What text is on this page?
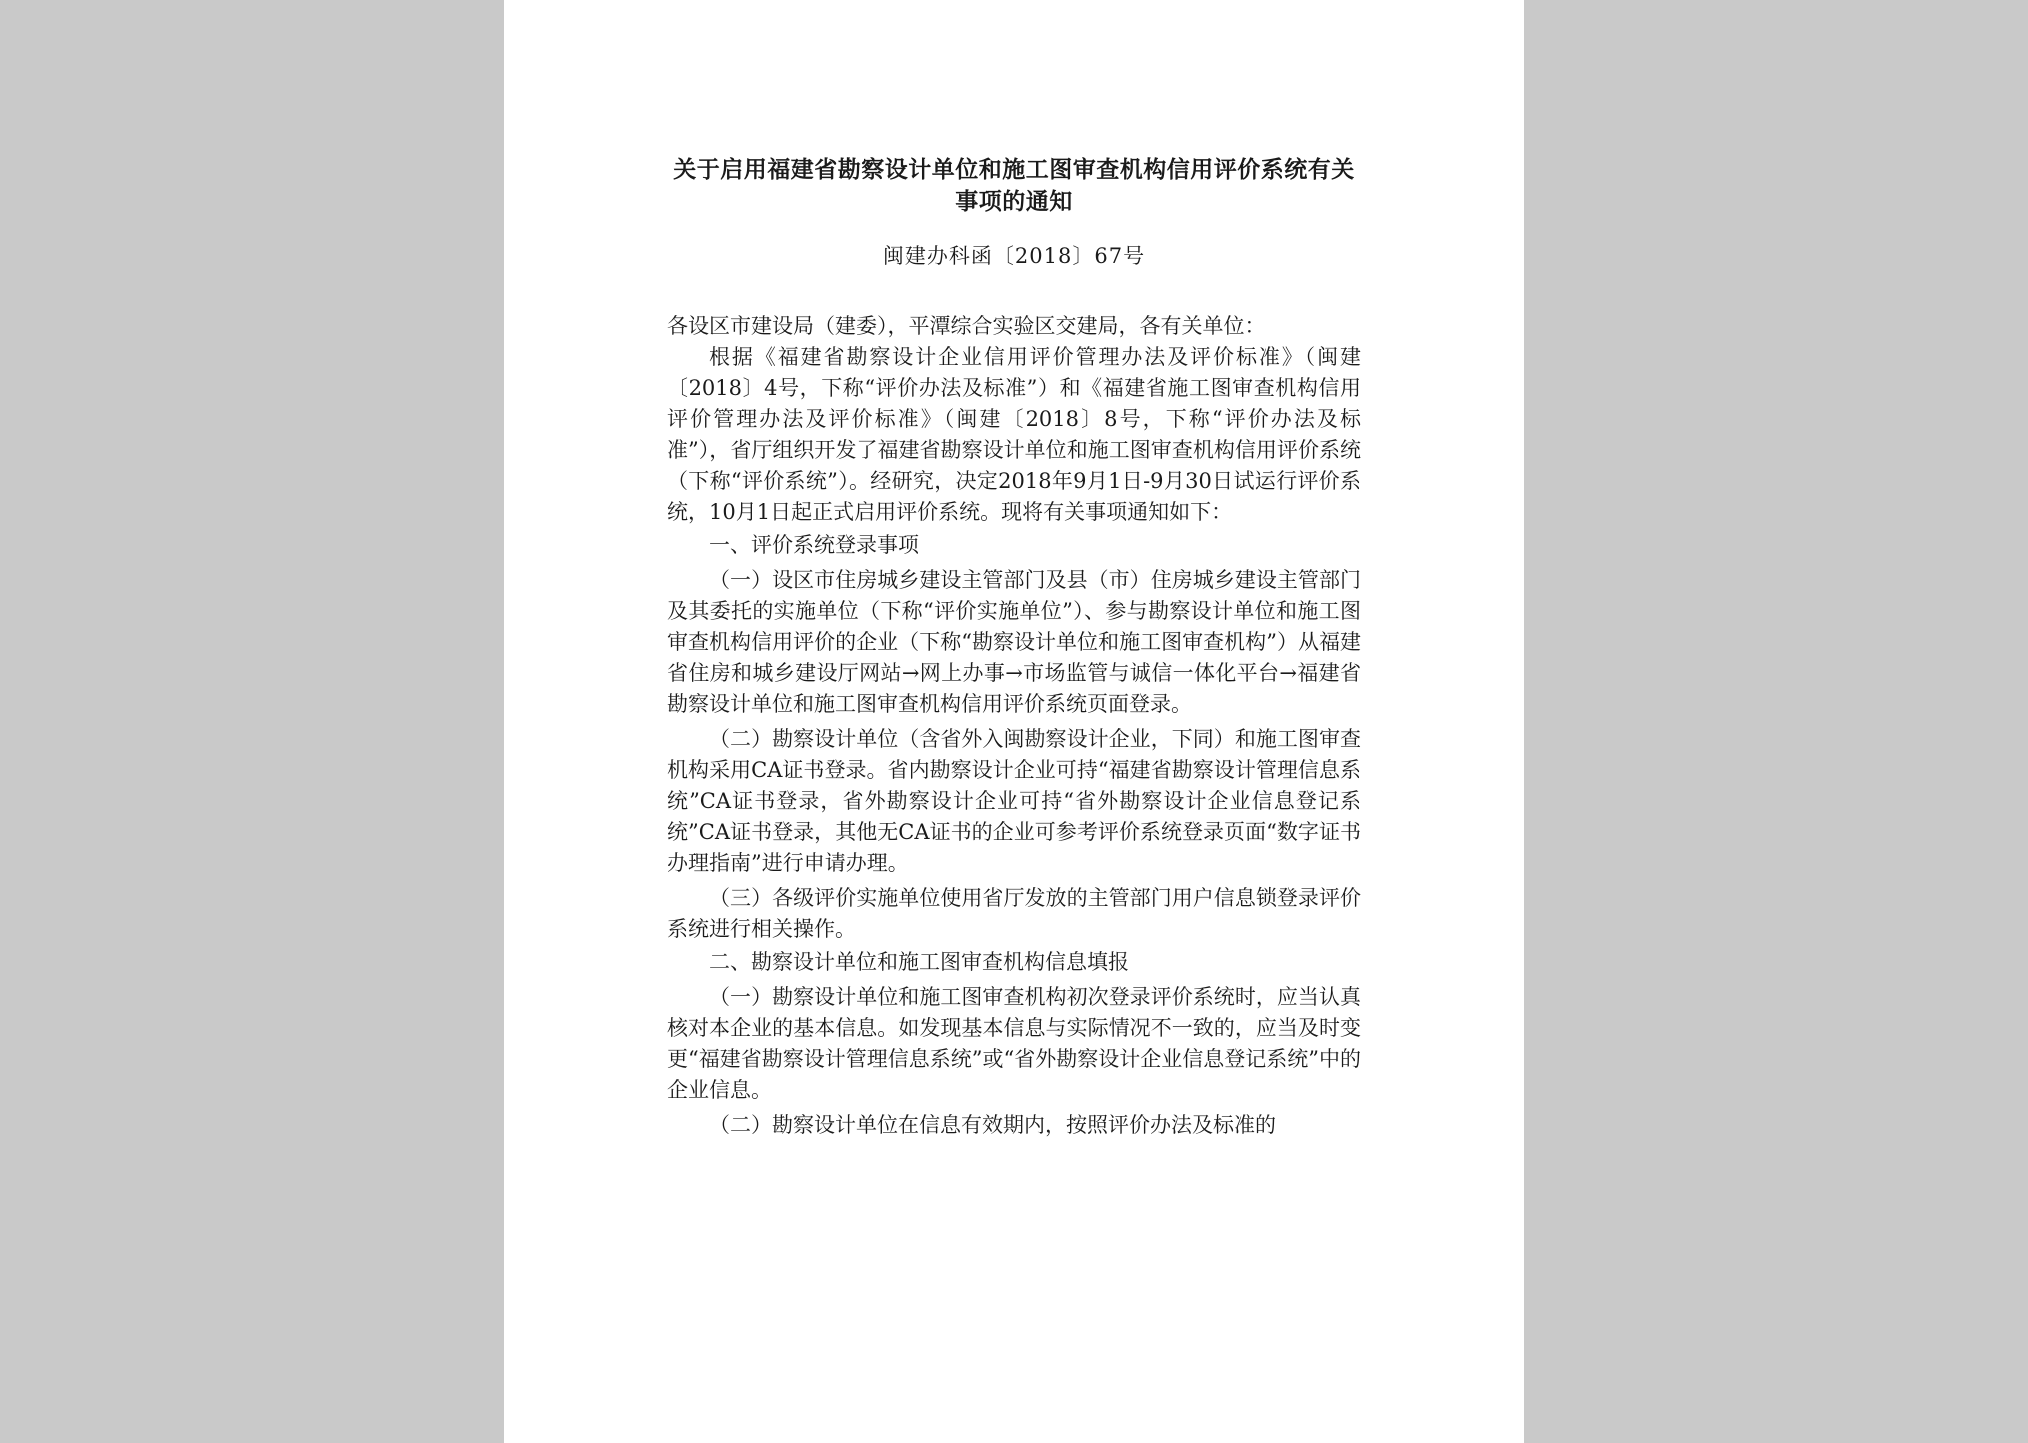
关于启用福建省勘察设计单位和施工图审查机构信用评价系统有关
事项的通知
闽建办科函〔2018〕67号

各设区市建设局（建委），平潭综合实验区交建局，各有关单位：

根据《福建省勘察设计企业信用评价管理办法及评价标准》（闽建〔2018〕4号，下称“评价办法及标准”）和《福建省施工图审查机构信用评价管理办法及评价标准》（闽建〔2018〕8号，下称“评价办法及标准”），省厅组织开发了福建省勘察设计单位和施工图审查机构信用评价系统（下称“评价系统”）。经研究，决定2018年9月1日-9月30日试运行评价系统，10月1日起正式启用评价系统。现将有关事项通知如下：

一、评价系统登录事项

（一）设区市住房城乡建设主管部门及县（市）住房城乡建设主管部门及其委托的实施单位（下称“评价实施单位”）、参与勘察设计单位和施工图审查机构信用评价的企业（下称“勘察设计单位和施工图审查机构”）从福建省住房和城乡建设厅网站→网上办事→市场监管与诚信一体化平台→福建省勘察设计单位和施工图审查机构信用评价系统页面登录。

（二）勘察设计单位（含省外入闽勘察设计企业，下同）和施工图审查机构采用CA证书登录。省内勘察设计企业可持“福建省勘察设计管理信息系统”CA证书登录，省外勘察设计企业可持“省外勘察设计企业信息登记系统”CA证书登录，其他无CA证书的企业可参考评价系统登录页面“数字证书办理指南”进行申请办理。

（三）各级评价实施单位使用省厅发放的主管部门用户信息锁登录评价系统进行相关操作。

二、勘察设计单位和施工图审查机构信息填报

（一）勘察设计单位和施工图审查机构初次登录评价系统时，应当认真核对本企业的基本信息。如发现基本信息与实际情况不一致的，应当及时变更“福建省勘察设计管理信息系统”或“省外勘察设计企业信息登记系统”中的企业信息。

（二）勘察设计单位在信息有效期内，按照评价办法及标准的
